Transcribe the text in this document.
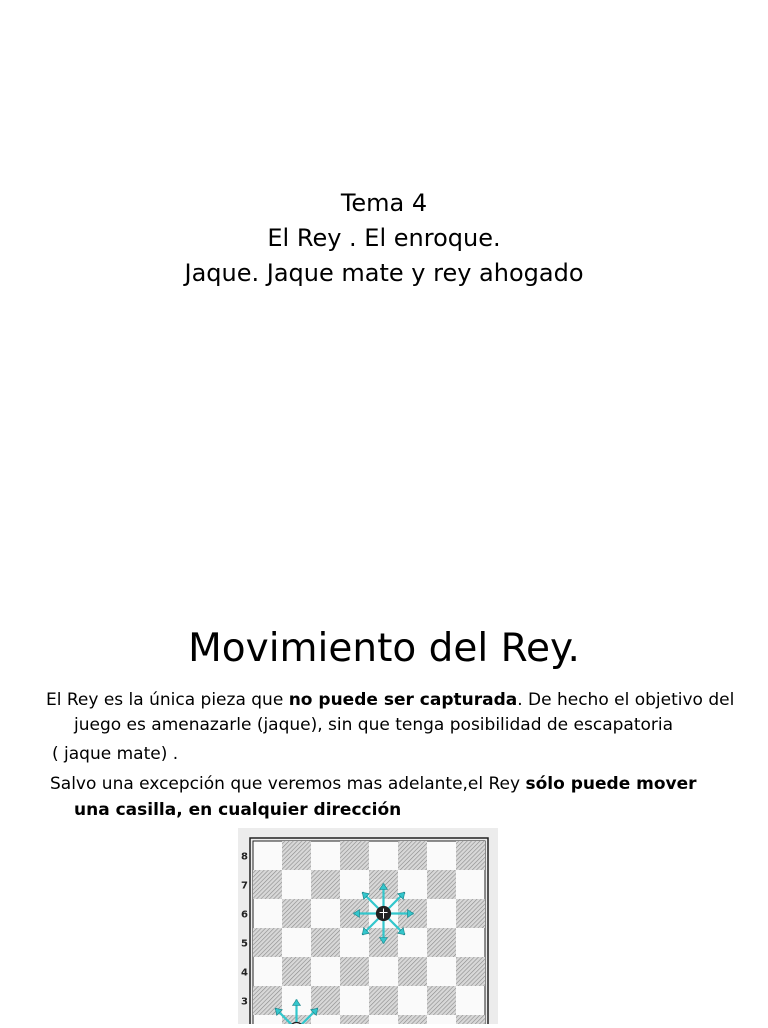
Tema 4
El Rey . El enroque.
Jaque. Jaque mate y rey ahogado
Movimiento del Rey.
El Rey es la única pieza que no puede ser capturada. De hecho el objetivo del
juego es amenazarle (jaque), sin que tenga posibilidad de escapatoria
( jaque mate) .
Salvo una excepción que veremos mas adelante,el Rey sólo puede mover
una casilla, en cualquier dirección
8
7
6
5
4
3
